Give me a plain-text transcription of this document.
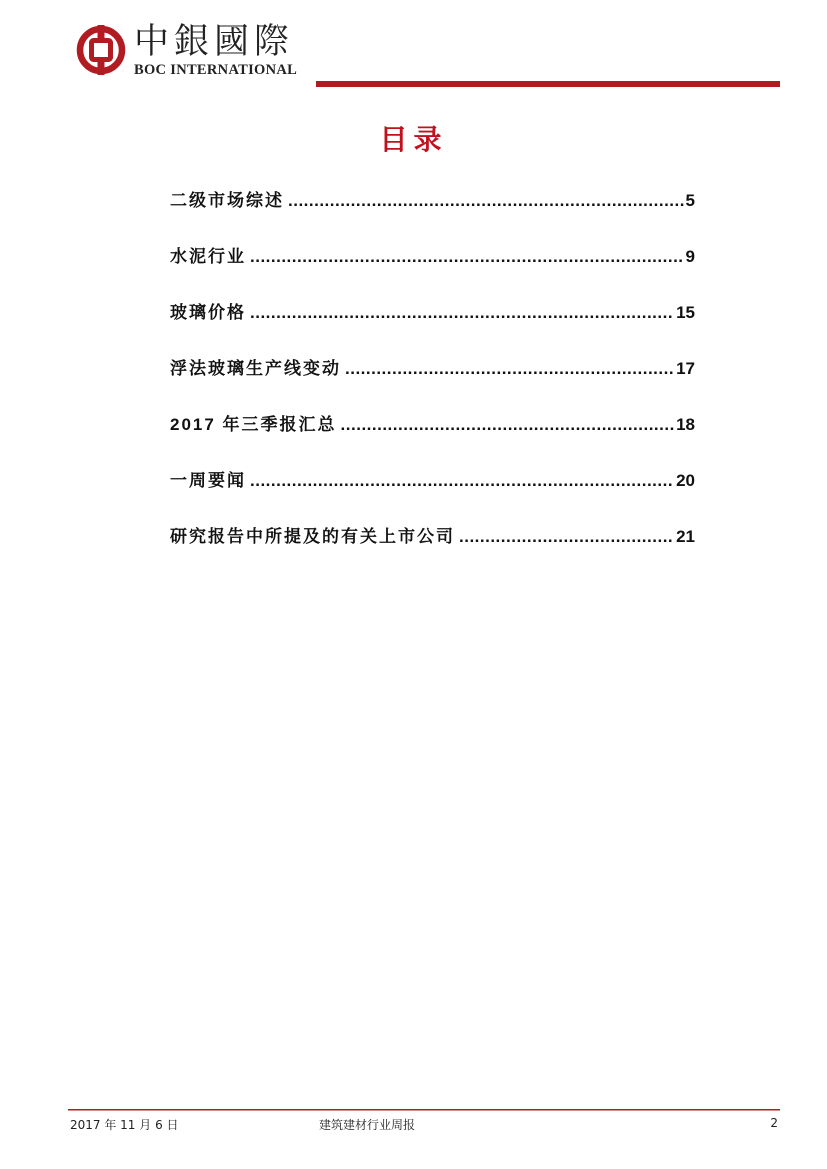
中銀國際
BOC INTERNATIONAL
目录
二级市场综述 .....	5
水泥行业 .....	9
玻璃价格 .....	15
浮法玻璃生产线变动 .....	17
2017 年三季报汇总 .....	18
一周要闻 .....	20
研究报告中所提及的有关上市公司 .....	21
2017 年 11 月 6 日	建筑建材行业周报	2
